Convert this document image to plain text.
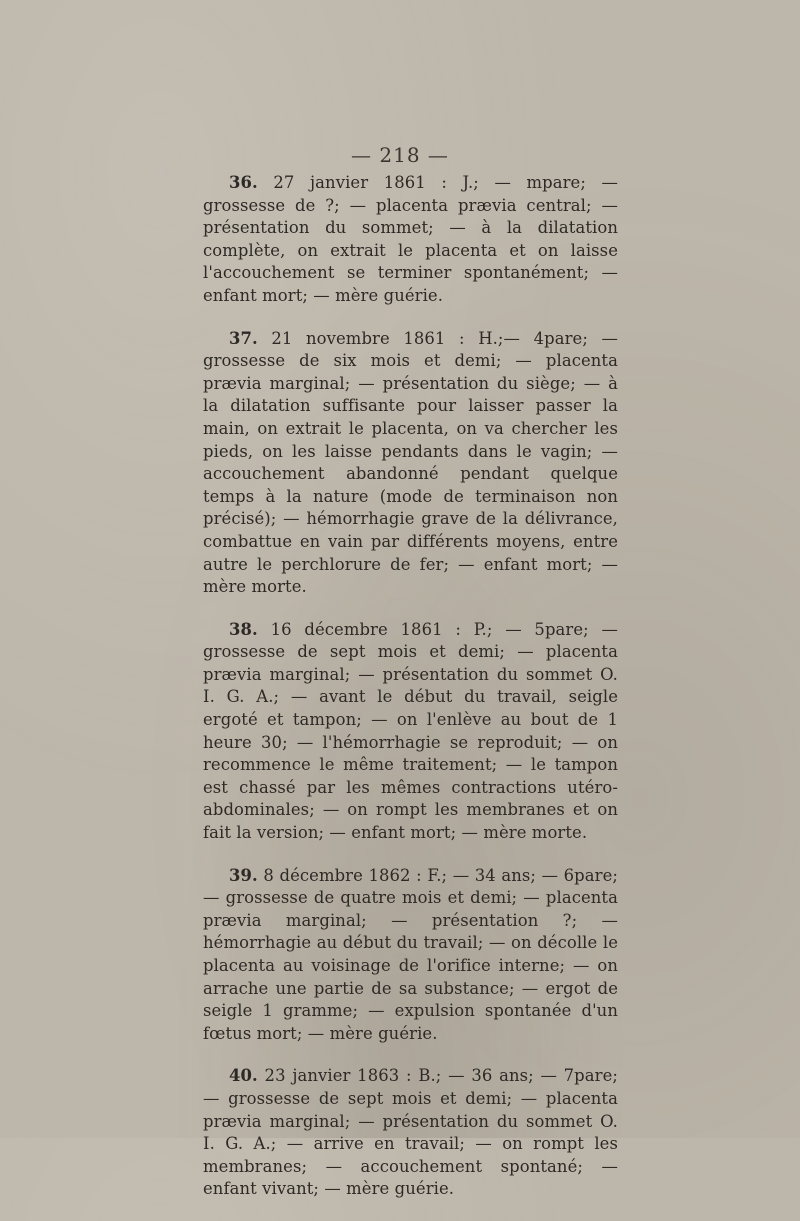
— 218 —

36. 27 janvier 1861 : J.; — mpare; — grossesse de ?; — placenta prævia central; — présentation du sommet; — à la dilatation complète, on extrait le placenta et on laisse l'accouchement se terminer spontanément; — enfant mort; — mère guérie.

37. 21 novembre 1861 : H.;— 4pare; — grossesse de six mois et demi; — placenta prævia marginal; — présentation du siège; — à la dilatation suffisante pour laisser passer la main, on extrait le placenta, on va chercher les pieds, on les laisse pendants dans le vagin; — accouchement abandonné pendant quelque temps à la nature (mode de terminaison non précisé); — hémorrhagie grave de la délivrance, combattue en vain par différents moyens, entre autre le perchlorure de fer; — enfant mort; — mère morte.

38. 16 décembre 1861 : P.; — 5pare; — grossesse de sept mois et demi; — placenta prævia marginal; — présentation du sommet O. I. G. A.; — avant le début du travail, seigle ergoté et tampon; — on l'enlève au bout de 1 heure 30; — l'hémorrhagie se reproduit; — on recommence le même traitement; — le tampon est chassé par les mêmes contractions utéro-abdominales; — on rompt les membranes et on fait la version; — enfant mort; — mère morte.

39. 8 décembre 1862 : F.; — 34 ans; — 6pare; — grossesse de quatre mois et demi; — placenta prævia marginal; — présentation ?; — hémorrhagie au début du travail; — on décolle le placenta au voisinage de l'orifice interne; — on arrache une partie de sa substance; — ergot de seigle 1 gramme; — expulsion spontanée d'un fœtus mort; — mère guérie.

40. 23 janvier 1863 : B.; — 36 ans; — 7pare; — grossesse de sept mois et demi; — placenta prævia marginal; — présentation du sommet O. I. G. A.; — arrive en travail; — on rompt les membranes; — accouchement spontané; — enfant vivant; — mère guérie.
